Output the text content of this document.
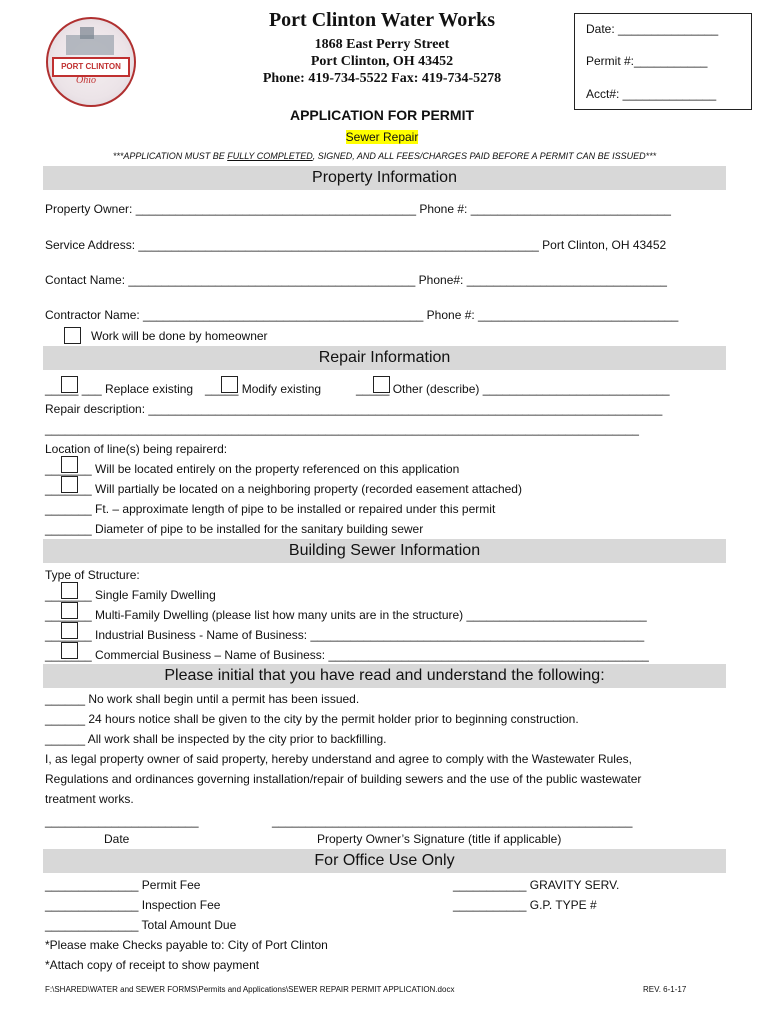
PORT CLINTON
Ohio
Port Clinton Water Works
1868 East Perry Street
Port Clinton, OH 43452
Phone: 419-734-5522 Fax: 419-734-5278
Date: _______________
Permit #:___________
Acct#: ______________
APPLICATION FOR PERMIT
Sewer Repair
***APPLICATION MUST BE FULLY COMPLETED, SIGNED, AND ALL FEES/CHARGES PAID BEFORE A PERMIT CAN BE ISSUED***
Property Information
Property Owner: __________________________________________ Phone #: ______________________________
Service Address: ____________________________________________________________ Port Clinton, OH 43452
Contact Name: ___________________________________________ Phone#: ______________________________
Contractor Name: __________________________________________ Phone #: ______________________________
Work will be done by homeowner
Repair Information
_____ ___ Replace existing _____ Modify existing	_____ Other (describe) ____________________________
Repair description: _____________________________________________________________________________
_________________________________________________________________________________________
Location of line(s) being repairerd:
_______ Will be located entirely on the property referenced on this application
_______ Will partially be located on a neighboring property (recorded easement attached)
_______ Ft. – approximate length of pipe to be installed or repaired under this permit
_______ Diameter of pipe to be installed for the sanitary building sewer
Building Sewer Information
Type of Structure:
_______ Single Family Dwelling
_______ Multi-Family Dwelling (please list how many units are in the structure) ___________________________
_______ Industrial Business - Name of Business: __________________________________________________
_______ Commercial Business – Name of Business: ________________________________________________
Please initial that you have read and understand the following:
______ No work shall begin until a permit has been issued.
______ 24 hours notice shall be given to the city by the permit holder prior to beginning construction.
______ All work shall be inspected by the city prior to backfilling.
I, as legal property owner of said property, hereby understand and agree to comply with the Wastewater Rules,
Regulations and ordinances governing installation/repair of building sewers and the use of the public wastewater
treatment works.
_______________________	______________________________________________________
Date	Property Owner’s Signature (title if applicable)
For Office Use Only
______________ Permit Fee
______________ Inspection Fee
______________ Total Amount Due
___________ GRAVITY SERV.
___________ G.P. TYPE #
*Please make Checks payable to: City of Port Clinton
*Attach copy of receipt to show payment
F:\SHARED\WATER and SEWER FORMS\Permits and Applications\SEWER REPAIR PERMIT APPLICATION.docx	REV. 6-1-17
